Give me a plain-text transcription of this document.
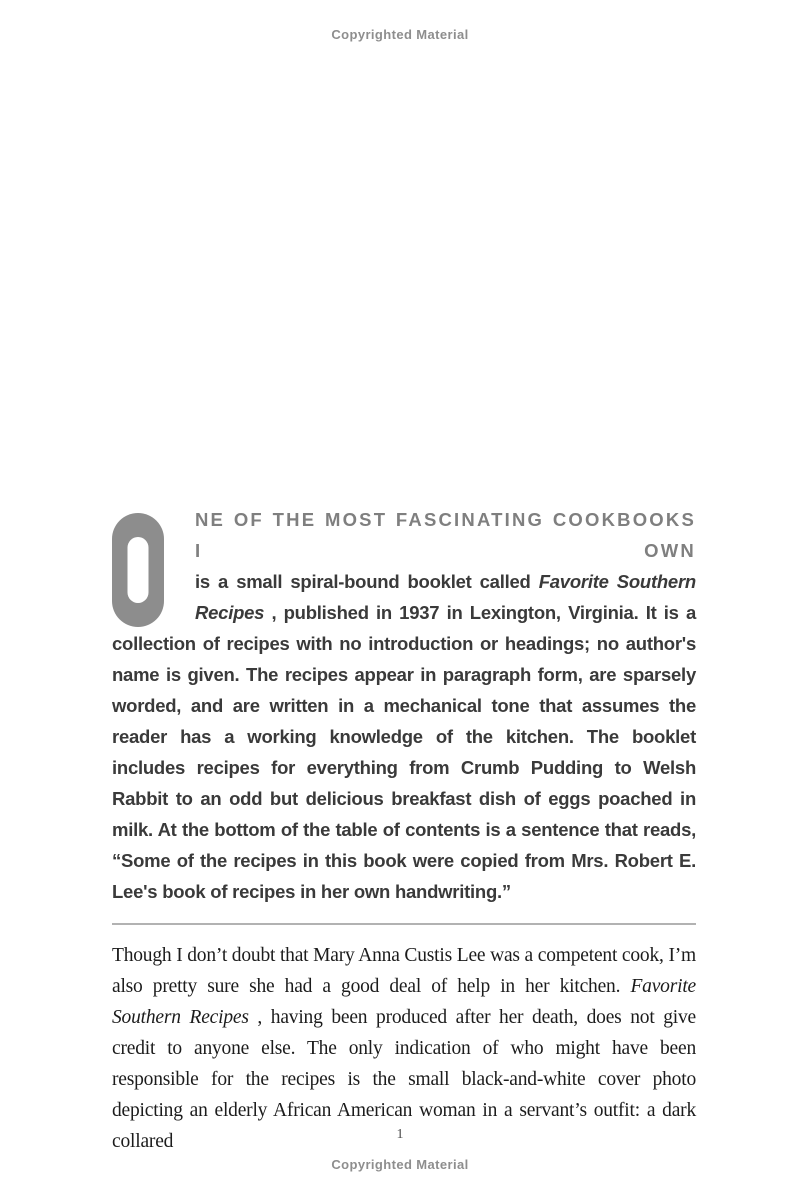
Copyrighted Material

NE OF THE MOST FASCINATING COOKBOOKS I OWN
is a small spiral-bound booklet called Favorite Southern Recipes , published in 1937 in Lexington, Virginia. It is a collection of recipes with no introduction or headings; no author's name is given. The recipes appear in paragraph form, are sparsely worded, and are written in a mechanical tone that assumes the reader has a working knowledge of the kitchen. The booklet includes recipes for everything from Crumb Pudding to Welsh Rabbit to an odd but delicious breakfast dish of eggs poached in milk. At the bottom of the table of contents is a sentence that reads, “Some of the recipes in this book were copied from Mrs. Robert E. Lee's book of recipes in her own handwriting.”

Though I don’t doubt that Mary Anna Custis Lee was a competent cook, I’m also pretty sure she had a good deal of help in her kitchen. Favorite Southern Recipes , having been produced after her death, does not give credit to anyone else. The only indication of who might have been responsible for the recipes is the small black-and-white cover photo depicting an elderly African American woman in a servant’s outfit: a dark collared	1
Copyrighted Material
